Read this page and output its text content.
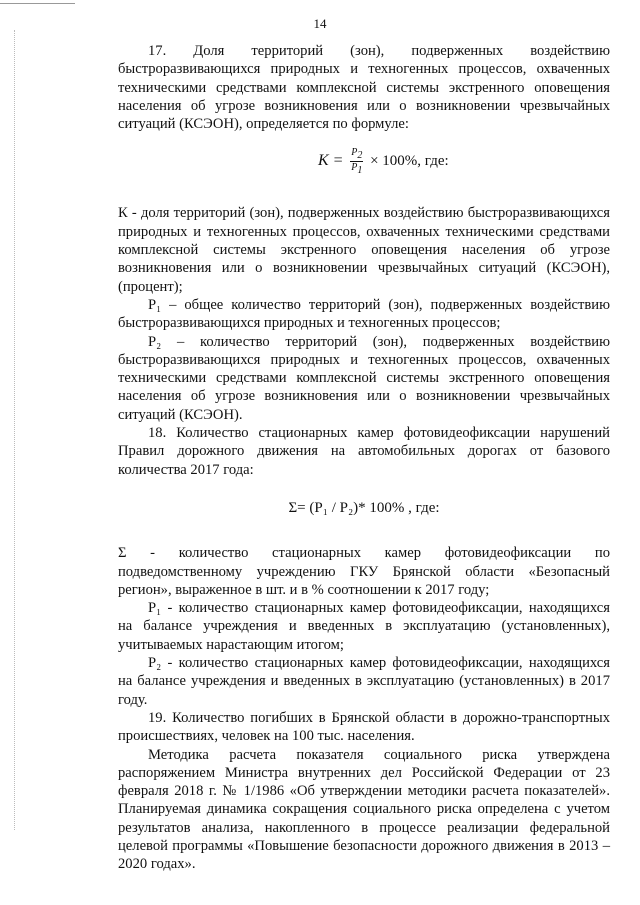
14

17. Доля территорий (зон), подверженных воздействию быстроразвивающихся природных и техногенных процессов, охваченных техническими средствами комплексной системы экстренного оповещения населения об угрозе возникновения или о возникновении чрезвычайных ситуаций (КСЭОН), определяется по формуле:

$K = \frac{P_2}{P_1} \times 100\%$, где:

К - доля территорий (зон), подверженных воздействию быстроразвивающихся природных и техногенных процессов, охваченных техническими средствами комплексной системы экстренного оповещения населения об угрозе возникновения или о возникновении чрезвычайных ситуаций (КСЭОН), (процент);

P₁ – общее количество территорий (зон), подверженных воздействию быстроразвивающихся природных и техногенных процессов;

P₂ – количество территорий (зон), подверженных воздействию быстроразвивающихся природных и техногенных процессов, охваченных техническими средствами комплексной системы экстренного оповещения населения об угрозе возникновения или о возникновении чрезвычайных ситуаций (КСЭОН).

18. Количество стационарных камер фотовидеофиксации нарушений Правил дорожного движения на автомобильных дорогах от базового количества 2017 года:

Σ= (P₁ / P₂)* 100% , где:

Σ - количество стационарных камер фотовидеофиксации по подведомственному учреждению ГКУ Брянской области «Безопасный регион», выраженное в шт. и в % соотношении к 2017 году;

P₁ - количество стационарных камер фотовидеофиксации, находящихся на балансе учреждения и введенных в эксплуатацию (установленных), учитываемых нарастающим итогом;

P₂ - количество стационарных камер фотовидеофиксации, находящихся на балансе учреждения и введенных в эксплуатацию (установленных) в 2017 году.

19. Количество погибших в Брянской области в дорожно-транспортных происшествиях, человек на 100 тыс. населения.

Методика расчета показателя социального риска утверждена распоряжением Министра внутренних дел Российской Федерации от 23 февраля 2018 г. № 1/1986 «Об утверждении методики расчета показателей». Планируемая динамика сокращения социального риска определена с учетом результатов анализа, накопленного в процессе реализации федеральной целевой программы «Повышение безопасности дорожного движения в 2013 – 2020 годах».
